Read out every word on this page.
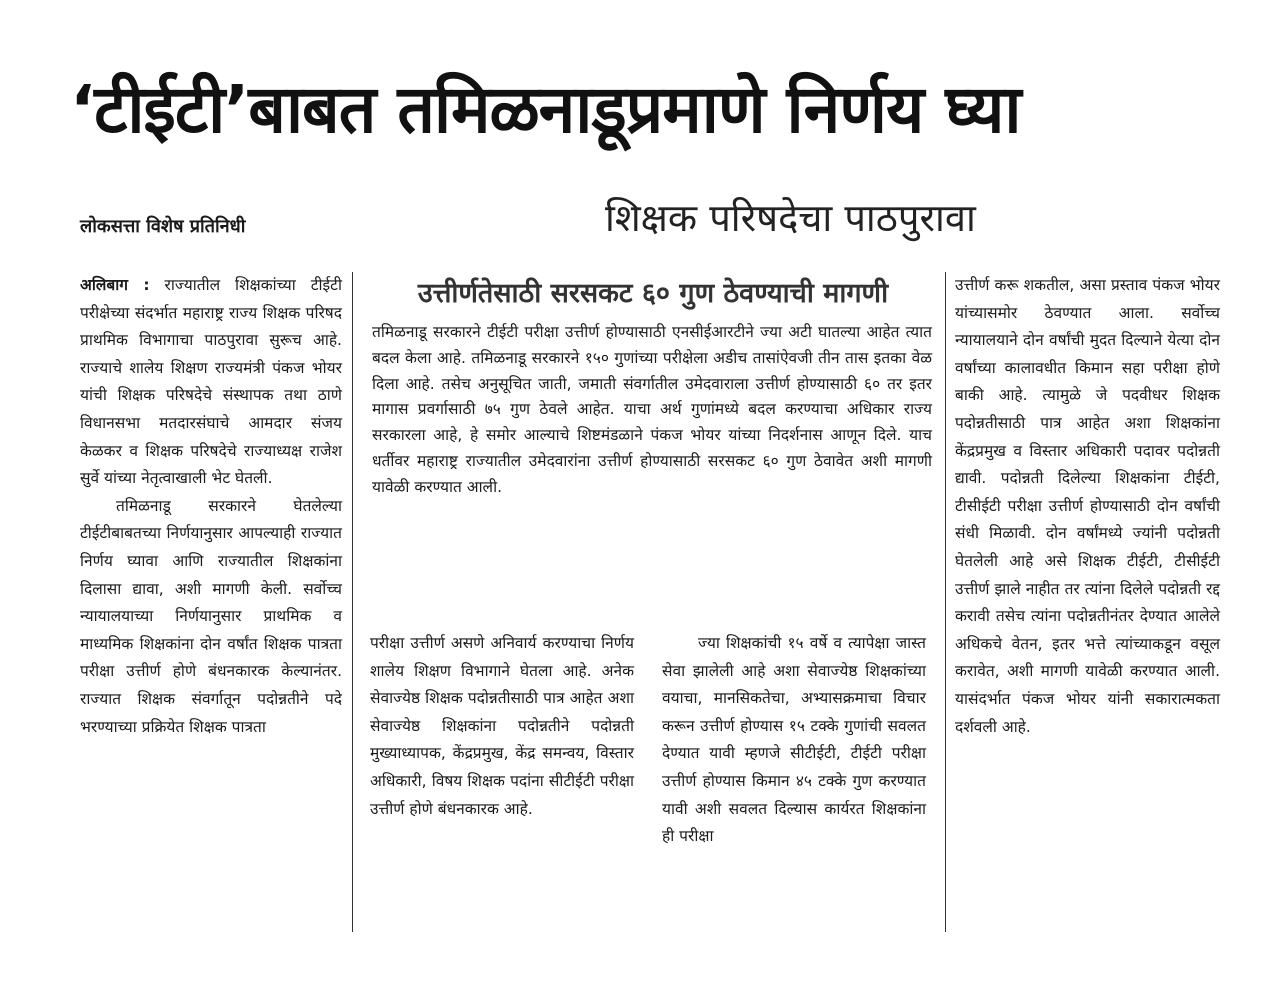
‘टीईटी’बाबत तमिळनाडूप्रमाणे निर्णय घ्या
लोकसत्ता विशेष प्रतिनिधी	शिक्षक परिषदेचा पाठपुरावा

अलिबाग : राज्यातील शिक्षकांच्या टीईटी परीक्षेच्या संदर्भात महाराष्ट्र राज्य शिक्षक परिषद प्राथमिक विभागाचा पाठपुरावा सुरूच आहे. राज्याचे शालेय शिक्षण राज्यमंत्री पंकज भोयर यांची शिक्षक परिषदेचे संस्थापक तथा ठाणे विधानसभा मतदारसंघाचे आमदार संजय केळकर व शिक्षक परिषदेचे राज्याध्यक्ष राजेश सुर्वे यांच्या नेतृत्वाखाली भेट घेतली.

तमिळनाडू सरकारने घेतलेल्या टीईटीबाबतच्या निर्णयानुसार आपल्याही राज्यात निर्णय घ्यावा आणि राज्यातील शिक्षकांना दिलासा द्यावा, अशी मागणी केली. सर्वोच्च न्यायालयाच्या निर्णयानुसार प्राथमिक व माध्यमिक शिक्षकांना दोन वर्षांत शिक्षक पात्रता परीक्षा उत्तीर्ण होणे बंधनकारक केल्यानंतर. राज्यात शिक्षक संवर्गातून पदोन्नतीने पदे भरण्याच्या प्रक्रियेत शिक्षक पात्रता

उत्तीर्णतेसाठी सरसकट ६० गुण ठेवण्याची मागणी

तमिळनाडू सरकारने टीईटी परीक्षा उत्तीर्ण होण्यासाठी एनसीईआरटीने ज्या अटी घातल्या आहेत त्यात बदल केला आहे. तमिळनाडू सरकारने १५० गुणांच्या परीक्षेला अडीच तासांऐवजी तीन तास इतका वेळ दिला आहे. तसेच अनुसूचित जाती, जमाती संवर्गातील उमेदवाराला उत्तीर्ण होण्यासाठी ६० तर इतर मागास प्रवर्गासाठी ७५ गुण ठेवले आहेत. याचा अर्थ गुणांमध्ये बदल करण्याचा अधिकार राज्य सरकारला आहे, हे समोर आल्याचे शिष्टमंडळाने पंकज भोयर यांच्या निदर्शनास आणून दिले. याच धर्तीवर महाराष्ट्र राज्यातील उमेदवारांना उत्तीर्ण होण्यासाठी सरसकट ६० गुण ठेवावेत अशी मागणी यावेळी करण्यात आली.

परीक्षा उत्तीर्ण असणे अनिवार्य करण्याचा निर्णय शालेय शिक्षण विभागाने घेतला आहे. अनेक सेवाज्येष्ठ शिक्षक पदोन्नतीसाठी पात्र आहेत अशा सेवाज्येष्ठ शिक्षकांना पदोन्नतीने पदोन्नती मुख्याध्यापक, केंद्रप्रमुख, केंद्र समन्वय, विस्तार अधिकारी, विषय शिक्षक पदांना सीटीईटी परीक्षा उत्तीर्ण होणे बंधनकारक आहे.

ज्या शिक्षकांची १५ वर्षे व त्यापेक्षा जास्त सेवा झालेली आहे अशा सेवाज्येष्ठ शिक्षकांच्या वयाचा, मानसिकतेचा, अभ्यासक्रमाचा विचार करून उत्तीर्ण होण्यास १५ टक्के गुणांची सवलत देण्यात यावी म्हणजे सीटीईटी, टीईटी परीक्षा उत्तीर्ण होण्यास किमान ४५ टक्के गुण करण्यात यावी अशी सवलत दिल्यास कार्यरत शिक्षकांना ही परीक्षा

उत्तीर्ण करू शकतील, असा प्रस्ताव पंकज भोयर यांच्यासमोर ठेवण्यात आला. सर्वोच्च न्यायालयाने दोन वर्षांची मुदत दिल्याने येत्या दोन वर्षांच्या कालावधीत किमान सहा परीक्षा होणे बाकी आहे. त्यामुळे जे पदवीधर शिक्षक पदोन्नतीसाठी पात्र आहेत अशा शिक्षकांना केंद्रप्रमुख व विस्तार अधिकारी पदावर पदोन्नती द्यावी. पदोन्नती दिलेल्या शिक्षकांना टीईटी, टीसीईटी परीक्षा उत्तीर्ण होण्यासाठी दोन वर्षांची संधी मिळावी. दोन वर्षांमध्ये ज्यांनी पदोन्नती घेतलेली आहे असे शिक्षक टीईटी, टीसीईटी उत्तीर्ण झाले नाहीत तर त्यांना दिलेले पदोन्नती रद्द करावी तसेच त्यांना पदोन्नतीनंतर देण्यात आलेले अधिकचे वेतन, इतर भत्ते त्यांच्याकडून वसूल करावेत, अशी मागणी यावेळी करण्यात आली. यासंदर्भात पंकज भोयर यांनी सकारात्मकता दर्शवली आहे.
